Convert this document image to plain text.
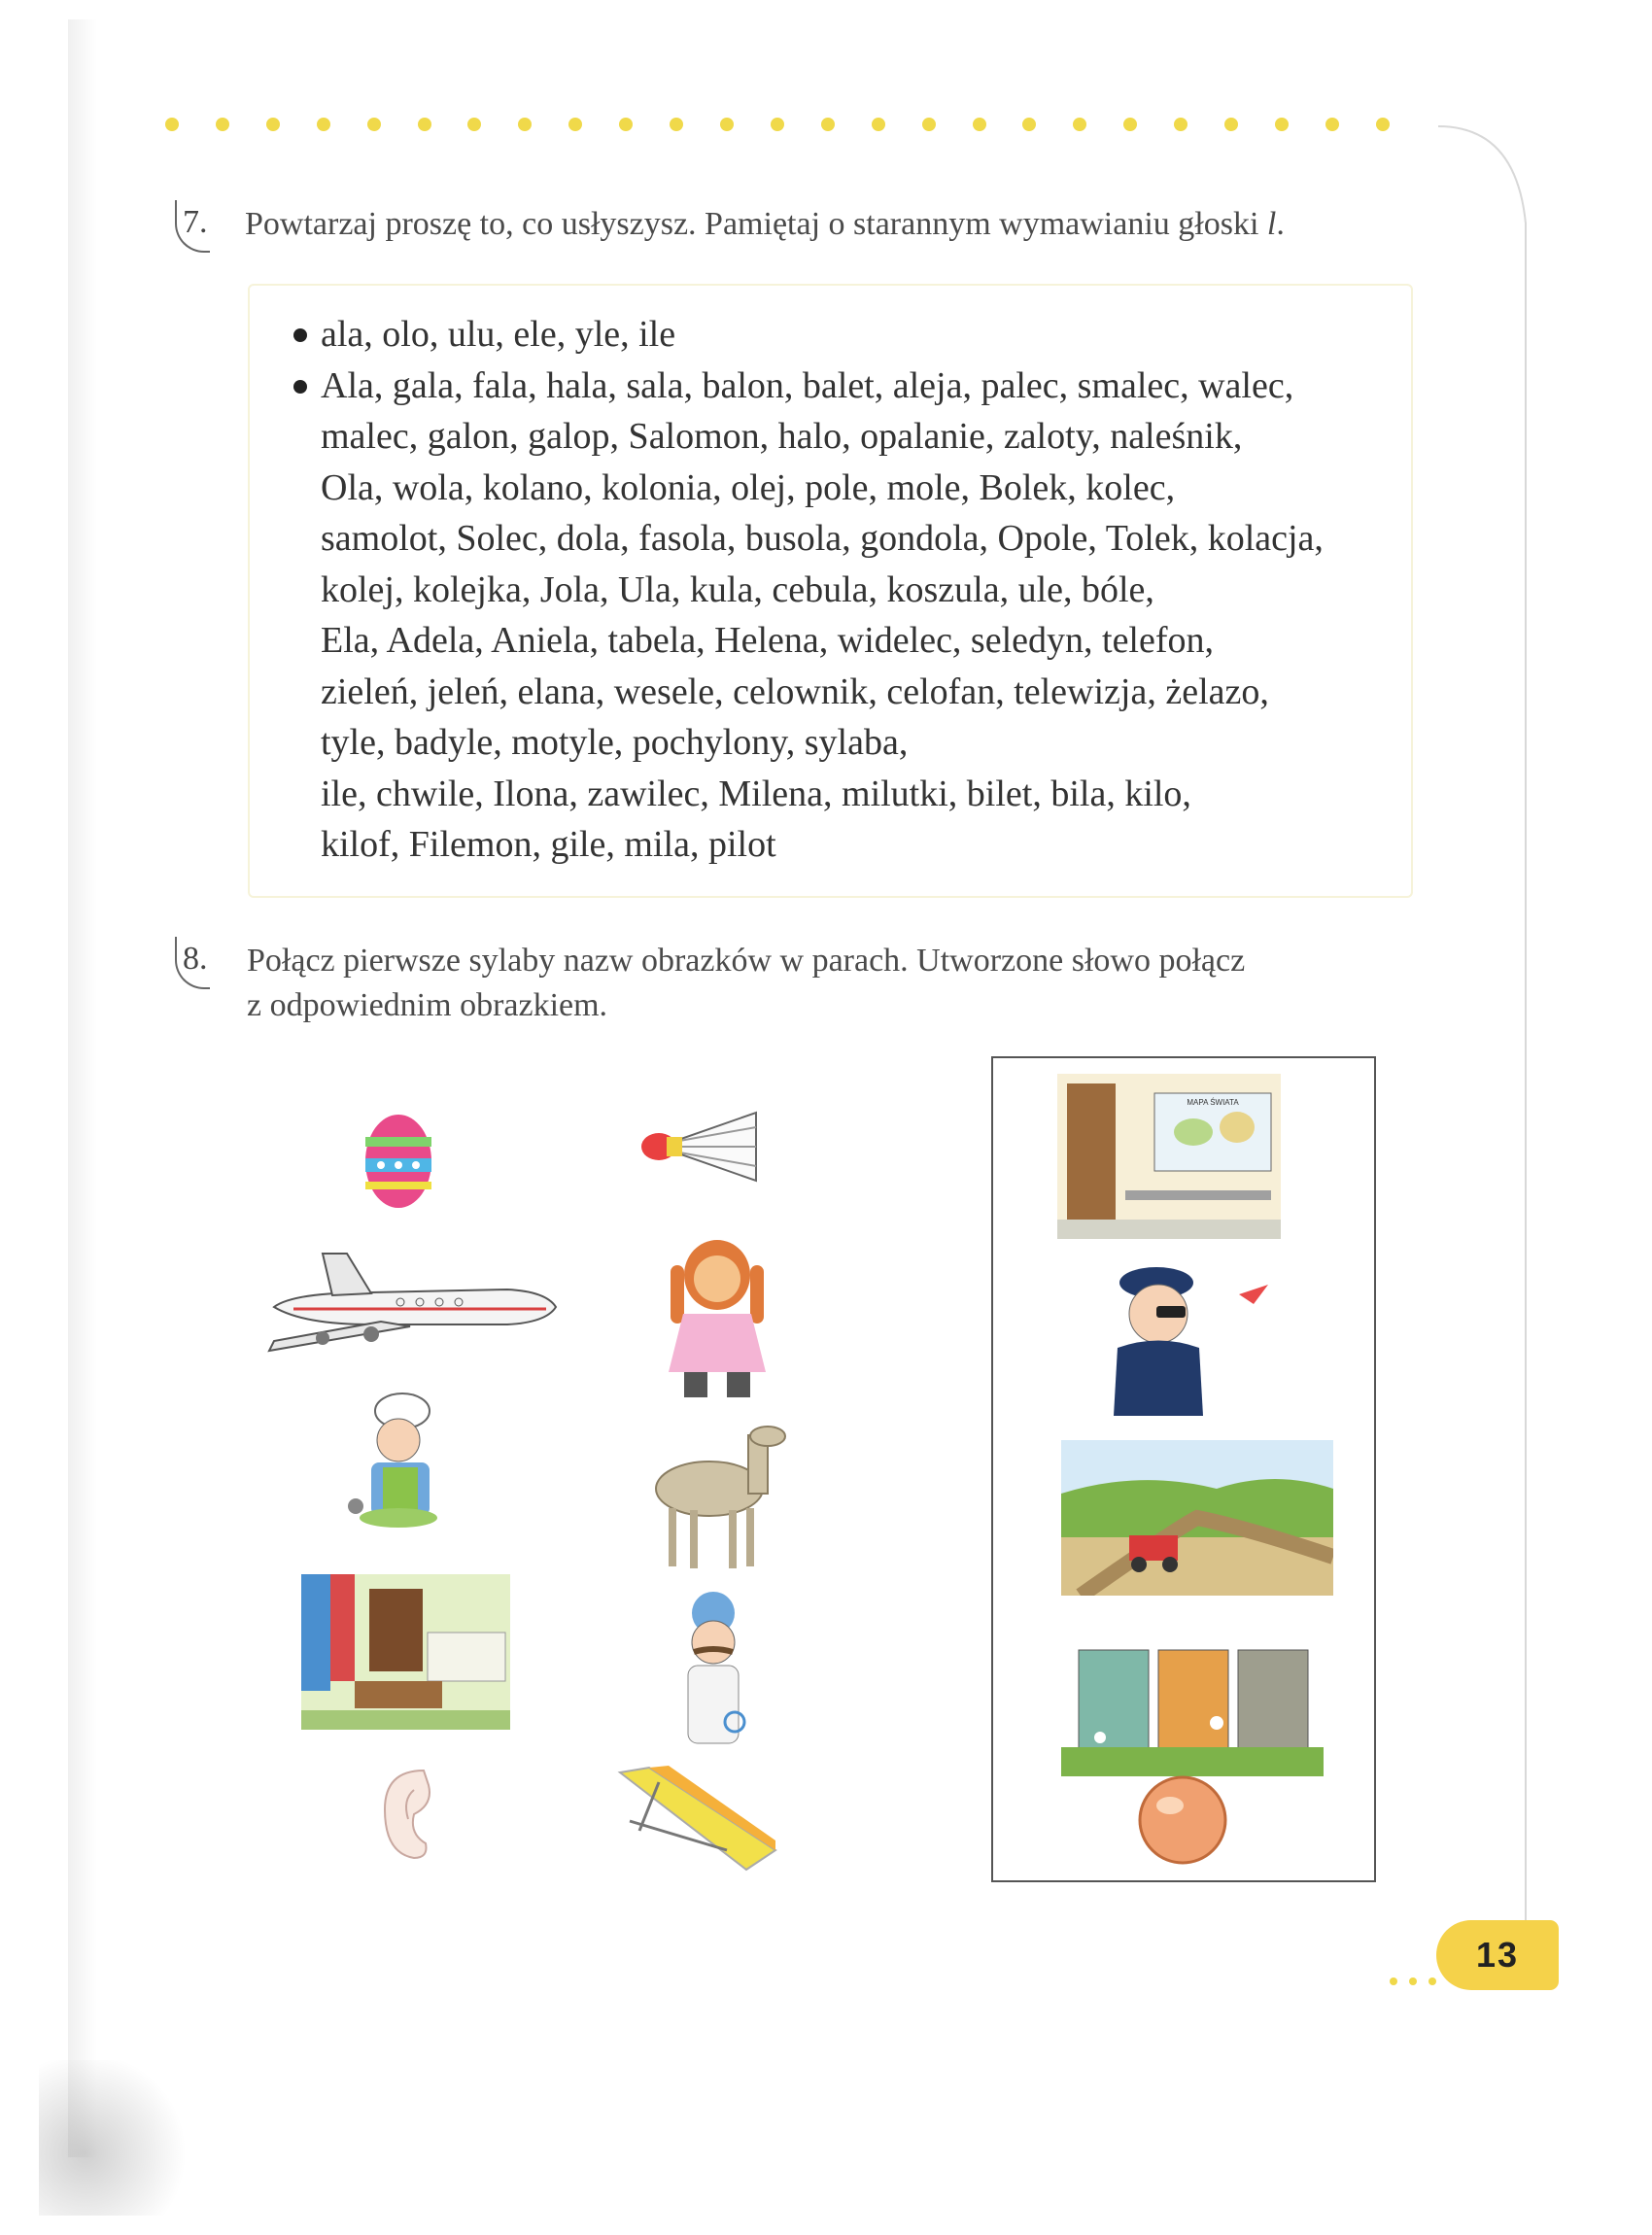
7. Powtarzaj proszę to, co usłyszysz. Pamiętaj o starannym wymawianiu głoski l.
ala, olo, ulu, ele, yle, ile
Ala, gala, fala, hala, sala, balon, balet, aleja, palec, smalec, walec,
malec, galon, galop, Salomon, halo, opalanie, zaloty, naleśnik,
Ola, wola, kolano, kolonia, olej, pole, mole, Bolek, kolec,
samolot, Solec, dola, fasola, busola, gondola, Opole, Tolek, kolacja,
kolej, kolejka, Jola, Ula, kula, cebula, koszula, ule, bóle,
Ela, Adela, Aniela, tabela, Helena, widelec, seledyn, telefon,
zieleń, jeleń, elana, wesele, celownik, celofan, telewizja, żelazo,
tyle, badyle, motyle, pochylony, sylaba,
ile, chwile, Ilona, zawilec, Milena, milutki, bilet, bila, kilo,
kilof, Filemon, gile, mila, pilot
8. Połącz pierwsze sylaby nazw obrazków w parach. Utworzone słowo połącz
z odpowiednim obrazkiem.
MAPA ŚWIATA
13
